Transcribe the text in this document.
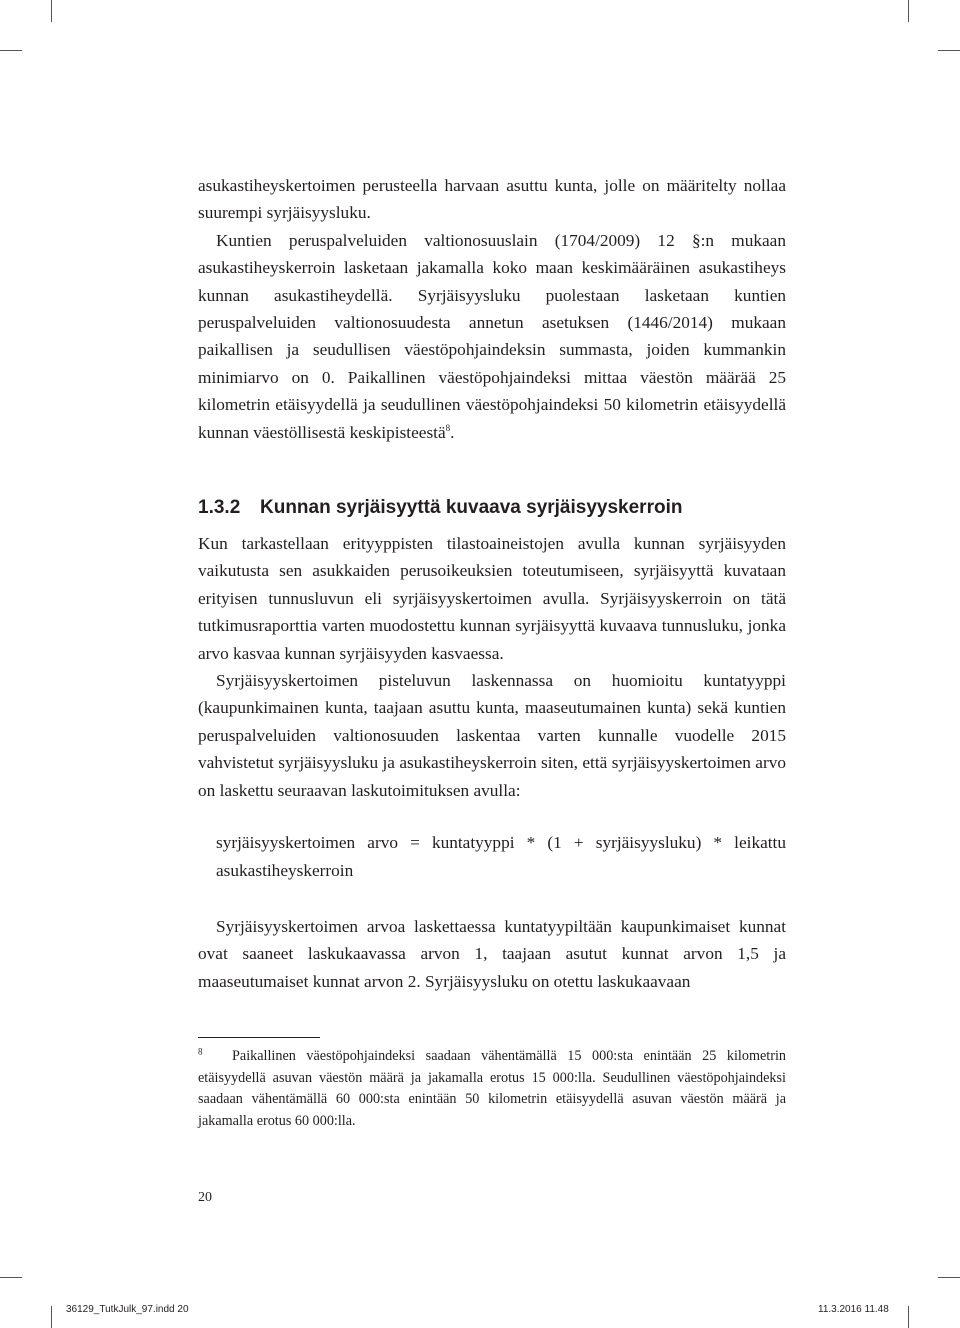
asukastiheyskertoimen perusteella harvaan asuttu kunta, jolle on määritelty nollaa suurempi syrjäisyysluku.

Kuntien peruspalveluiden valtionosuuslain (1704/2009) 12 §:n mukaan asukastiheyskerroin lasketaan jakamalla koko maan keskimääräinen asukastiheys kunnan asukastiheydellä. Syrjäisyysluku puolestaan lasketaan kuntien peruspalveluiden valtionosuudesta annetun asetuksen (1446/2014) mukaan paikallisen ja seudullisen väestöpohjaindeksin summasta, joiden kummankin minimiarvo on 0. Paikallinen väestöpohjaindeksi mittaa väestön määrää 25 kilometrin etäisyydellä ja seudullinen väestöpohjaindeksi 50 kilometrin etäisyydellä kunnan väestöllisestä keskipisteestä$^8$.

1.3.2 Kunnan syrjäisyyttä kuvaava syrjäisyyskerroin

Kun tarkastellaan erityyppisten tilastoaineistojen avulla kunnan syrjäisyyden vaikutusta sen asukkaiden perusoikeuksien toteutumiseen, syrjäisyyttä kuvataan erityisen tunnusluvun eli syrjäisyyskertoimen avulla. Syrjäisyyskerroin on tätä tutkimusraporttia varten muodostettu kunnan syrjäisyyttä kuvaava tunnusluku, jonka arvo kasvaa kunnan syrjäisyyden kasvaessa.

Syrjäisyyskertoimen pisteluvun laskennassa on huomioitu kuntatyyppi (kaupunkimainen kunta, taajaan asuttu kunta, maaseutumainen kunta) sekä kuntien peruspalveluiden valtionosuuden laskentaa varten kunnalle vuodelle 2015 vahvistetut syrjäisyysluku ja asukastiheyskerroin siten, että syrjäisyyskertoimen arvo on laskettu seuraavan laskutoimituksen avulla:

syrjäisyyskertoimen arvo = kuntatyyppi * (1 + syrjäisyysluku) * leikattu asukastiheyskerroin

Syrjäisyyskertoimen arvoa laskettaessa kuntatyypiltään kaupunkimaiset kunnat ovat saaneet laskukaavassa arvon 1, taajaan asutut kunnat arvon 1,5 ja maaseutumaiset kunnat arvon 2. Syrjäisyysluku on otettu laskukaavaan

$^8$ Paikallinen väestöpohjaindeksi saadaan vähentämällä 15 000:sta enintään 25 kilometrin etäisyydellä asuvan väestön määrä ja jakamalla erotus 15 000:lla. Seudullinen väestöpohjaindeksi saadaan vähentämällä 60 000:sta enintään 50 kilometrin etäisyydellä asuvan väestön määrä ja jakamalla erotus 60 000:lla.
20
36129_TutkJulk_97.indd 20	11.3.2016 11.48
